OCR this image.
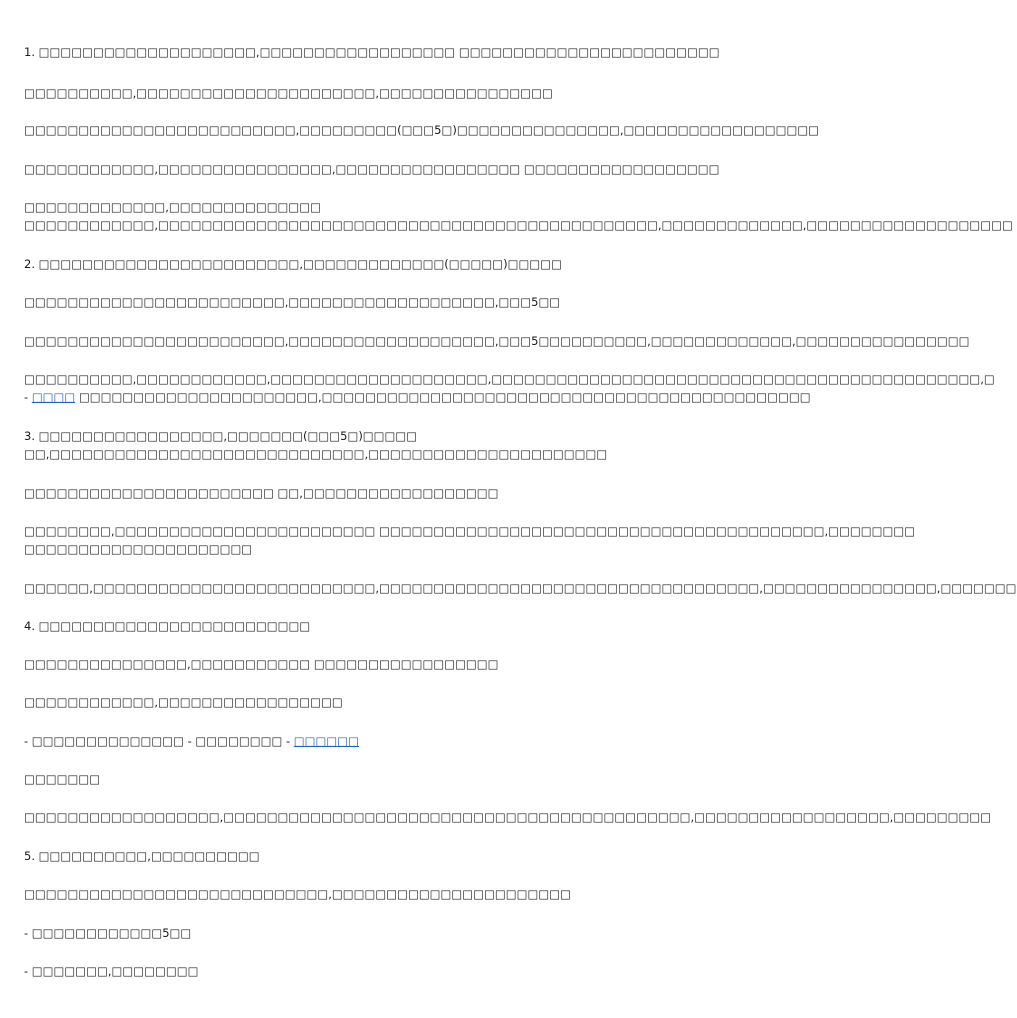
1. □□□□□□□□□□□□□□□□□□□□,□□□□□□□□□□□□□□□□□□ □□□□□□□□□□□□□□□□□□□□□□□□
□□□□□□□□□□,□□□□□□□□□□□□□□□□□□□□□□,□□□□□□□□□□□□□□□□
□□□□□□□□□□□□□□□□□□□□□□□□□,□□□□□□□□□(□□□5□)□□□□□□□□□□□□□□□,□□□□□□□□□□□□□□□□□□
□□□□□□□□□□□□,□□□□□□□□□□□□□□□□,□□□□□□□□□□□□□□□□□ □□□□□□□□□□□□□□□□□□
□□□□□□□□□□□□□,□□□□□□□□□□□□□□
□□□□□□□□□□□□,□□□□□□□□□□□□□□□□□□□□□□□□□□□□□□□□□□□□□□□□□□□□□□,□□□□□□□□□□□□□,□□□□□□□□□□□□□□□□□□□
2. □□□□□□□□□□□□□□□□□□□□□□□□,□□□□□□□□□□□□□(□□□□□)□□□□□
□□□□□□□□□□□□□□□□□□□□□□□□,□□□□□□□□□□□□□□□□□□□,□□□5□□
□□□□□□□□□□□□□□□□□□□□□□□□,□□□□□□□□□□□□□□□□□□□,□□□5□□□□□□□□□□,□□□□□□□□□□□□□,□□□□□□□□□□□□□□□□
□□□□□□□□□□,□□□□□□□□□□□□,□□□□□□□□□□□□□□□□□□□□,□□□□□□□□□□□□□□□□□□□□□□□□□□□□□□□□□□□□□□□□□□□□□,□
- □□□□ □□□□□□□□□□□□□□□□□□□□□□,□□□□□□□□□□□□□□□□□□□□□□□□□□□□□□□□□□□□□□□□□□□□□
3. □□□□□□□□□□□□□□□□□,□□□□□□□(□□□5□)□□□□□
□□,□□□□□□□□□□□□□□□□□□□□□□□□□□□□□,□□□□□□□□□□□□□□□□□□□□□□
□□□□□□□□□□□□□□□□□□□□□□□ □□,□□□□□□□□□□□□□□□□□□
□□□□□□□□,□□□□□□□□□□□□□□□□□□□□□□□□ □□□□□□□□□□□□□□□□□□□□□□□□□□□□□□□□□□□□□□□□□,□□□□□□□□
□□□□□□□□□□□□□□□□□□□□□
□□□□□□,□□□□□□□□□□□□□□□□□□□□□□□□□□,□□□□□□□□□□□□□□□□□□□□□□□□□□□□□□□□□□□,□□□□□□□□□□□□□□□□,□□□□□□□
4. □□□□□□□□□□□□□□□□□□□□□□□□□
□□□□□□□□□□□□□□□,□□□□□□□□□□□ □□□□□□□□□□□□□□□□□
□□□□□□□□□□□□,□□□□□□□□□□□□□□□□□
- □□□□□□□□□□□□□□ - □□□□□□□□ - □□□□□□
□□□□□□□
□□□□□□□□□□□□□□□□□□,□□□□□□□□□□□□□□□□□□□□□□□□□□□□□□□□□□□□□□□□□□□,□□□□□□□□□□□□□□□□□□,□□□□□□□□□
5. □□□□□□□□□□,□□□□□□□□□□
□□□□□□□□□□□□□□□□□□□□□□□□□□□□,□□□□□□□□□□□□□□□□□□□□□□
- □□□□□□□□□□□□5□□
- □□□□□□□,□□□□□□□□
